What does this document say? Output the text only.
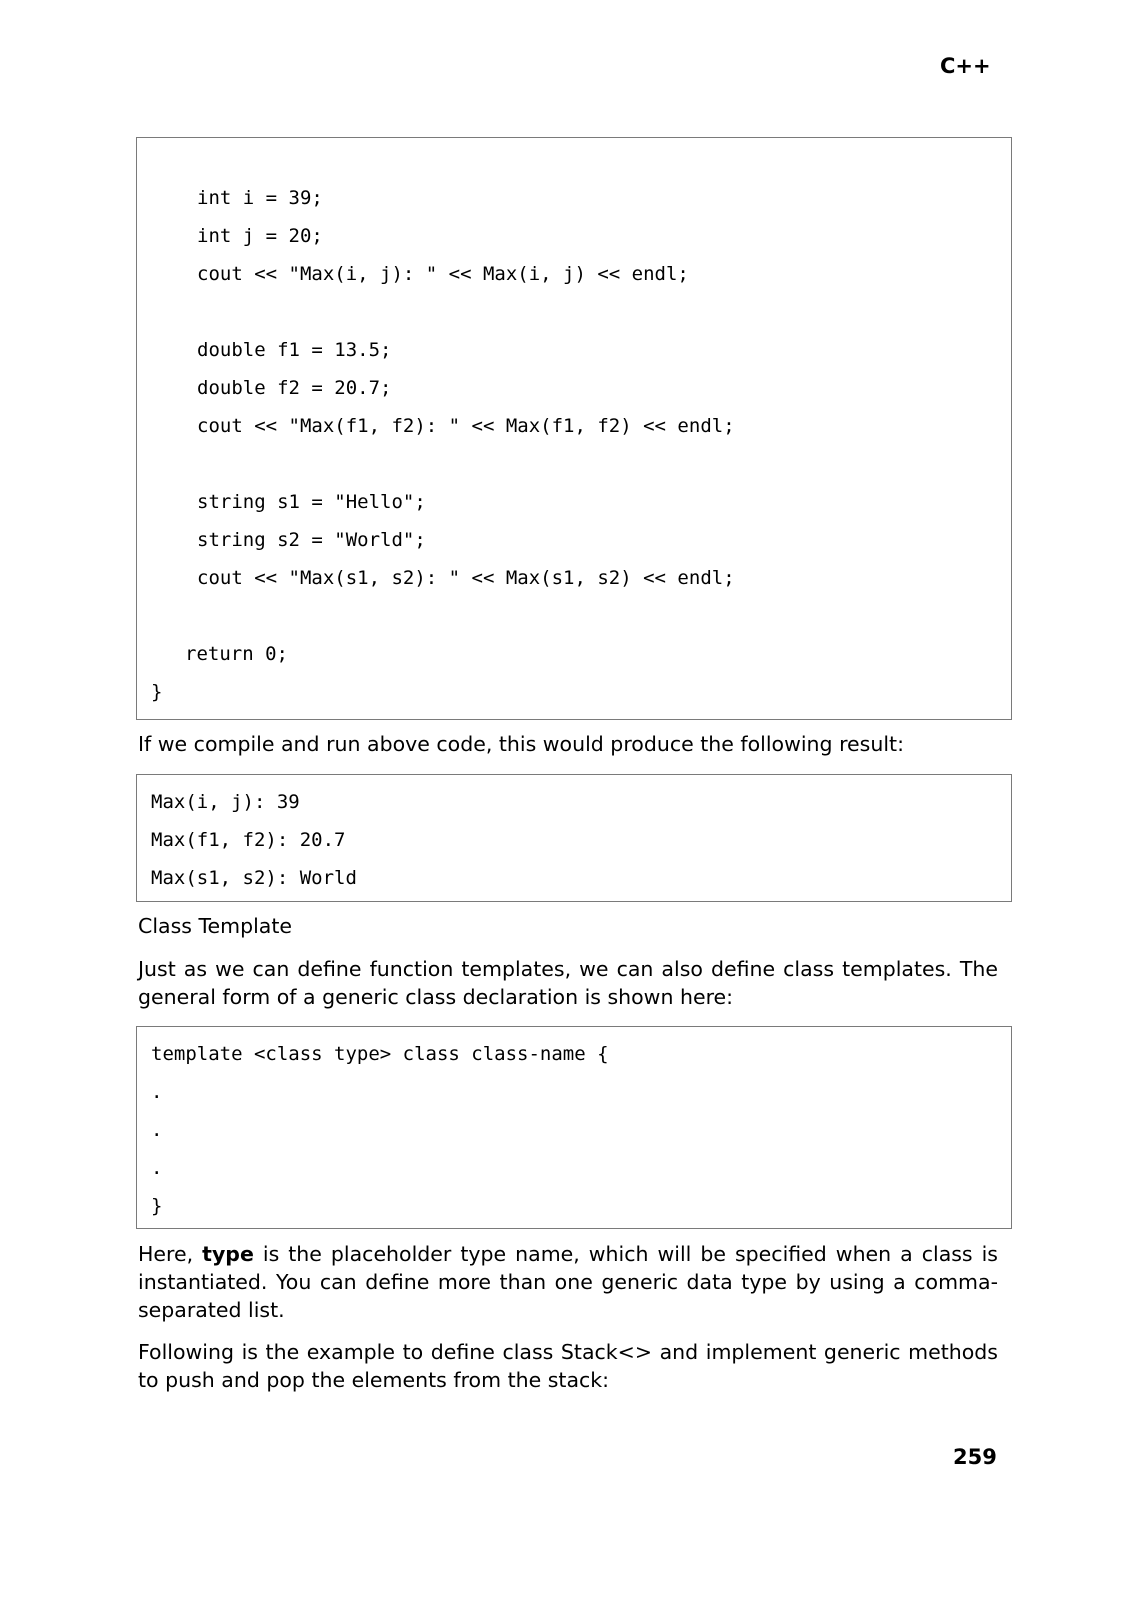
C++
int i = 39;
int j = 20;
cout << "Max(i, j): " << Max(i, j) << endl;
double f1 = 13.5;
double f2 = 20.7;
cout << "Max(f1, f2): " << Max(f1, f2) << endl;
string s1 = "Hello";
string s2 = "World";
cout << "Max(s1, s2): " << Max(s1, s2) << endl;
return 0;
}
If we compile and run above code, this would produce the following result:
Max(i, j): 39
Max(f1, f2): 20.7
Max(s1, s2): World
Class Template
Just as we can define function templates, we can also define class templates. The general form of a generic class declaration is shown here:
template <class type> class class-name {
.
.
.
}
Here, type is the placeholder type name, which will be specified when a class is instantiated. You can define more than one generic data type by using a comma-separated list.
Following is the example to define class Stack<> and implement generic methods to push and pop the elements from the stack:
259
